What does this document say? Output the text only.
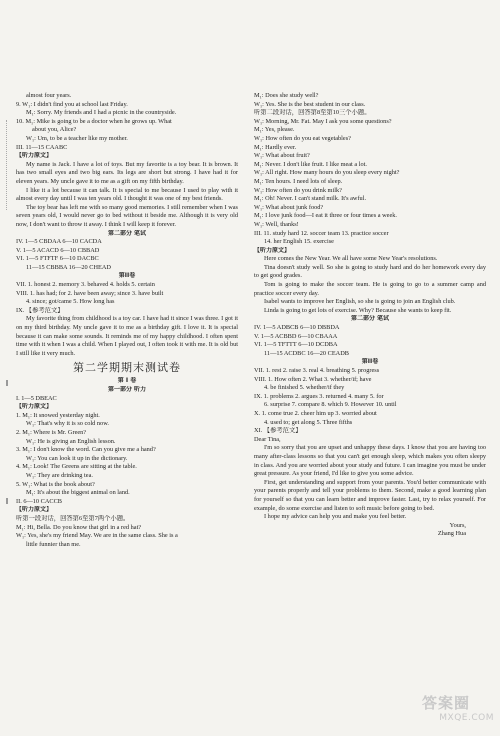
almost four years.
9. W₁: I didn't find you at school last Friday.
M₁: Sorry. My friends and I had a picnic in the countryside.
10. M₁: Mike is going to be a doctor when he grows up. What
about you, Alice?
W₁: Um, to be a teacher like my mother.
III. 11—15 CAABC
【听力原文】
My name is Jack. I have a lot of toys. But my favorite is a toy bear. It is brown. It has two small eyes and two big ears. Its legs are short but strong. I have had it for eleven years. My uncle gave it to me as a gift on my fifth birthday.
I like it a lot because it can talk. It is special to me because I used to play with it almost every day until I was ten years old. I thought it was one of my best friends.
The toy bear has left me with so many good memories. I still remember when I was seven years old, I would never go to bed without it beside me. Although it is very old now, I don't want to throw it away. I think I will keep it forever.
第二部分 笔试
IV. 1—5 CBDAA 6—10 CACDA
V. 1—5 ACACD 6—10 CBBAD
VI. 1—5 FTFTF 6—10 DACBC
11—15 CBBBA 16—20 CHEAD
第II卷
VII. 1. honest 2. memory 3. behaved 4. holds 5. certain
VIII. 1. has had; for 2. have been away; since 3. have built
4. since; got/came 5. How long has
IX. 【参考范文】
My favorite thing from childhood is a toy car. I have had it since I was three. I got it on my third birthday. My uncle gave it to me as a birthday gift. I love it. It is special because it can make some sounds. It reminds me of my happy childhood. I often spent time with it when I was a child. When I played out, I often took it with me. It is old but I still like it very much.
第二学期期末测试卷
第 I 卷
第一部分 听力
I. 1—5 DBEAC
【听力原文】
1. M₁: It snowed yesterday night.
W₁: That's why it is so cold now.
2. M₁: Where is Mr. Green?
W₁: He is giving an English lesson.
3. M₁: I don't know the word. Can you give me a hand?
W₁: You can look it up in the dictionary.
4. M₁: Look! The Greens are sitting at the table.
W₁: They are drinking tea.
5. W₁: What is the book about?
M₁: It's about the biggest animal on land.
II. 6—10 CACCB
【听力原文】
听第一段对话，回答第6至第7两个小题。
M₁: Hi, Bella. Do you know that girl in a red hat?
W₁: Yes, she's my friend May. We are in the same class. She is a
little funnier than me.
M₁: Does she study well?
W₁: Yes. She is the best student in our class.
听第二段对话，回答第8至第10三个小题。
W₁: Morning, Mr. Fat. May I ask you some questions?
M₁: Yes, please.
W₁: How often do you eat vegetables?
M₁: Hardly ever.
W₁: What about fruit?
M₁: Never. I don't like fruit. I like meat a lot.
W₁: All right. How many hours do you sleep every night?
M₁: Ten hours. I need lots of sleep.
W₁: How often do you drink milk?
M₁: Oh! Never. I can't stand milk. It's awful.
W₁: What about junk food?
M₁: I love junk food—I eat it three or four times a week.
W₁: Well, thanks!
III. 11. study hard 12. soccer team 13. practice soccer
14. her English 15. exercise
【听力原文】
Here comes the New Year. We all have some New Year's resolutions.
Tina doesn't study well. So she is going to study hard and do her homework every day to get good grades.
Tom is going to make the soccer team. He is going to go to a summer camp and practice soccer every day.
Isabel wants to improve her English, so she is going to join an English club.
Linda is going to get lots of exercise. Why? Because she wants to keep fit.
第二部分 笔试
IV. 1—5 ADBCB 6—10 DBBDA
V. 1—5 ACBBD 6—10 CBAAA
VI. 1—5 TFTTT 6—10 DCDBA
11—15 ACDBC 16—20 CEADB
第II卷
VII. 1. rest 2. raise 3. real 4. breathing 5. progress
VIII. 1. How often 2. What 3. whether/if; have
4. be finished 5. whether/if they
IX. 1. problems 2. argues 3. returned 4. many 5. for
6. surprise 7. compare 8. which 9. However 10. until
X. 1. come true 2. cheer him up 3. worried about
4. used to; get along 5. Three fifths
XI. 【参考范文】
Dear Tina,
I'm so sorry that you are upset and unhappy these days. I know that you are having too many after-class lessons so that you can't get enough sleep, which makes you often sleepy in class. And you are worried about your study and future. I can imagine you must be under great pressure. As your friend, I'd like to give you some advice.
First, get understanding and support from your parents. You'd better communicate with your parents properly and tell your problems to them. Second, make a good learning plan for yourself so that you can learn better and improve faster. Last, try to relax yourself. For example, do some exercise and listen to soft music before going to bed.
I hope my advice can help you and make you feel better.
Yours,
Zhang Hua
答案圈
MXQE.COM
